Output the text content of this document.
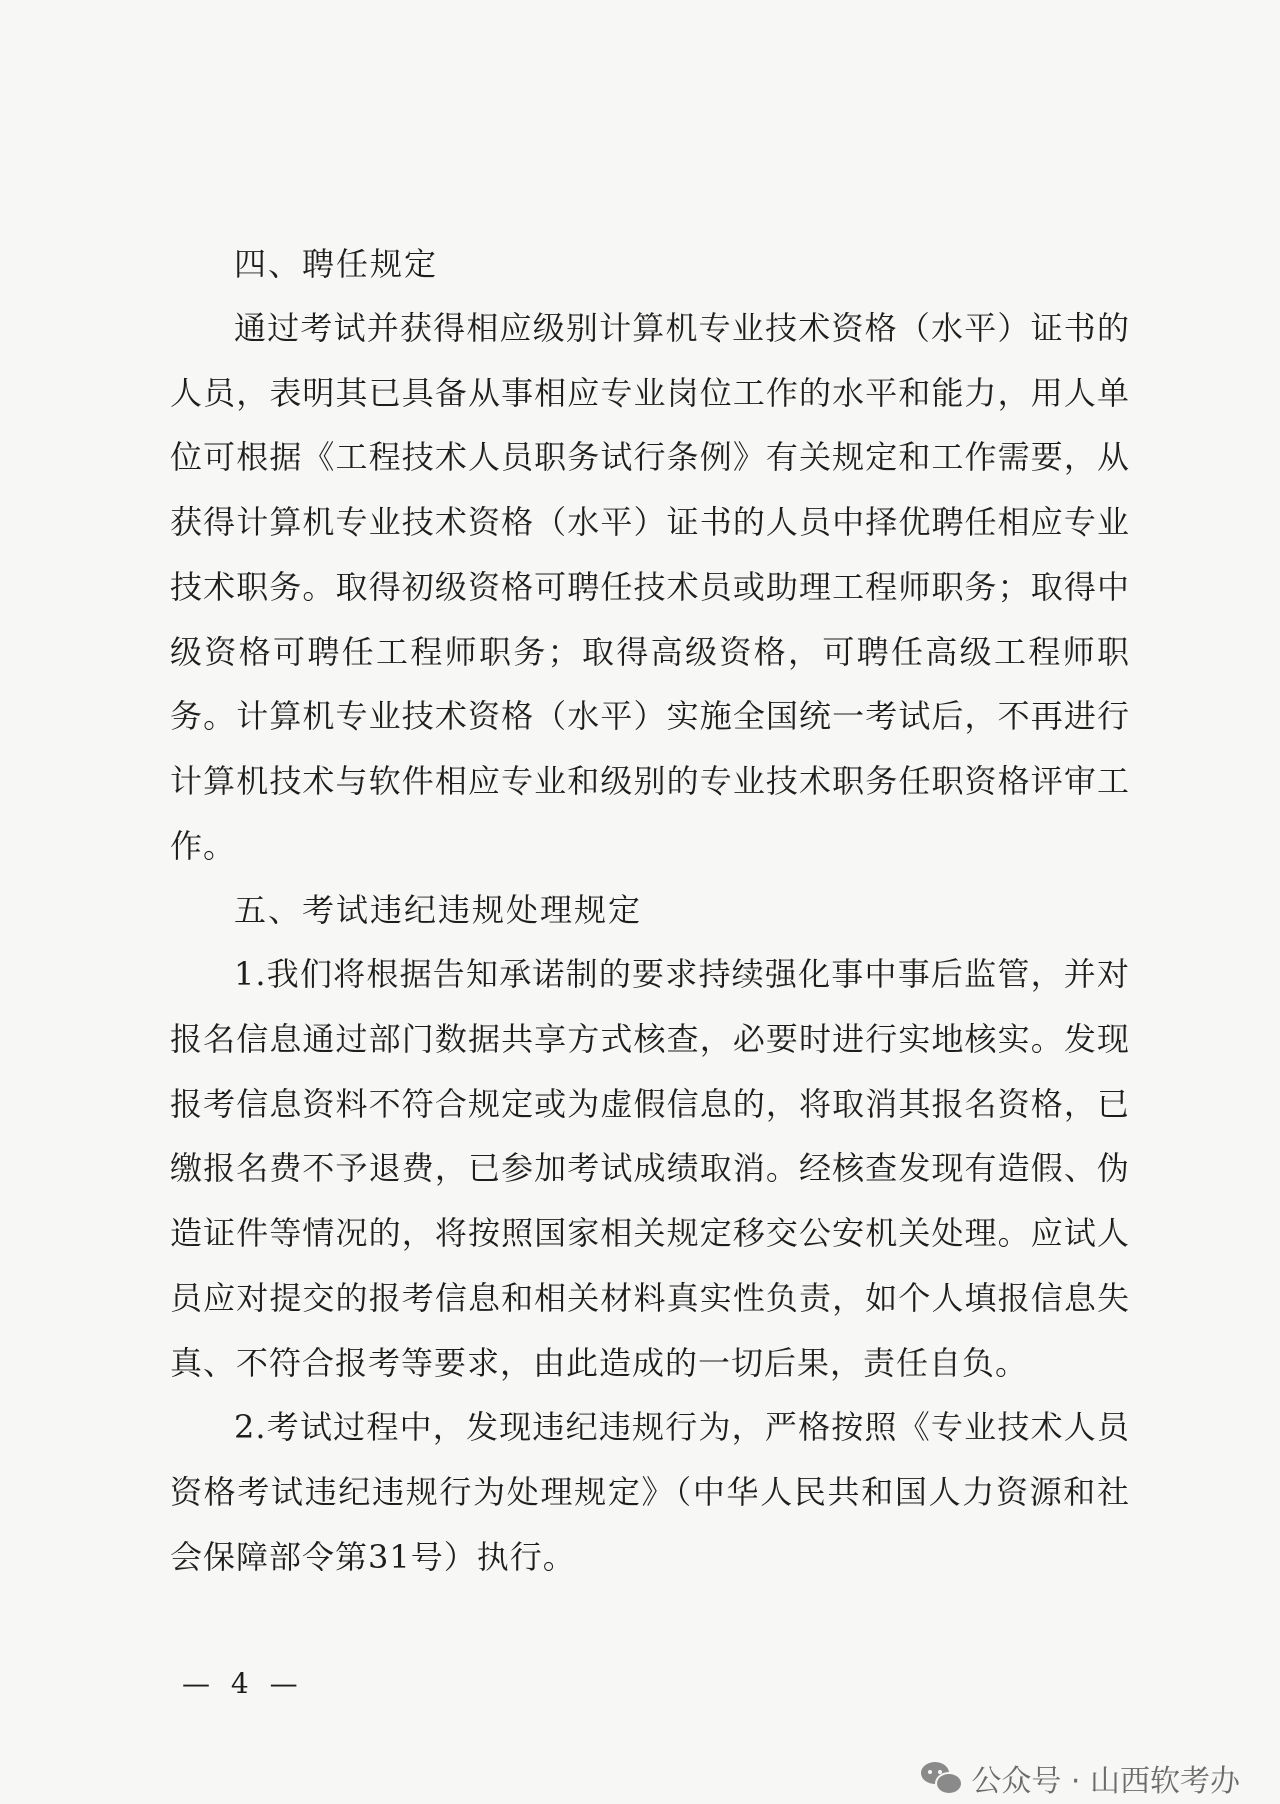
四、聘任规定

通过考试并获得相应级别计算机专业技术资格（水平）证书的人员，表明其已具备从事相应专业岗位工作的水平和能力，用人单位可根据《工程技术人员职务试行条例》有关规定和工作需要，从获得计算机专业技术资格（水平）证书的人员中择优聘任相应专业技术职务。取得初级资格可聘任技术员或助理工程师职务；取得中级资格可聘任工程师职务；取得高级资格，可聘任高级工程师职务。计算机专业技术资格（水平）实施全国统一考试后，不再进行计算机技术与软件相应专业和级别的专业技术职务任职资格评审工作。

五、考试违纪违规处理规定

1.我们将根据告知承诺制的要求持续强化事中事后监管，并对报名信息通过部门数据共享方式核查，必要时进行实地核实。发现报考信息资料不符合规定或为虚假信息的，将取消其报名资格，已缴报名费不予退费，已参加考试成绩取消。经核查发现有造假、伪造证件等情况的，将按照国家相关规定移交公安机关处理。应试人员应对提交的报考信息和相关材料真实性负责，如个人填报信息失真、不符合报考等要求，由此造成的一切后果，责任自负。

2.考试过程中，发现违纪违规行为，严格按照《专业技术人员资格考试违纪违规行为处理规定》（中华人民共和国人力资源和社会保障部令第31号）执行。

— 4 —
公众号 · 山西软考办
